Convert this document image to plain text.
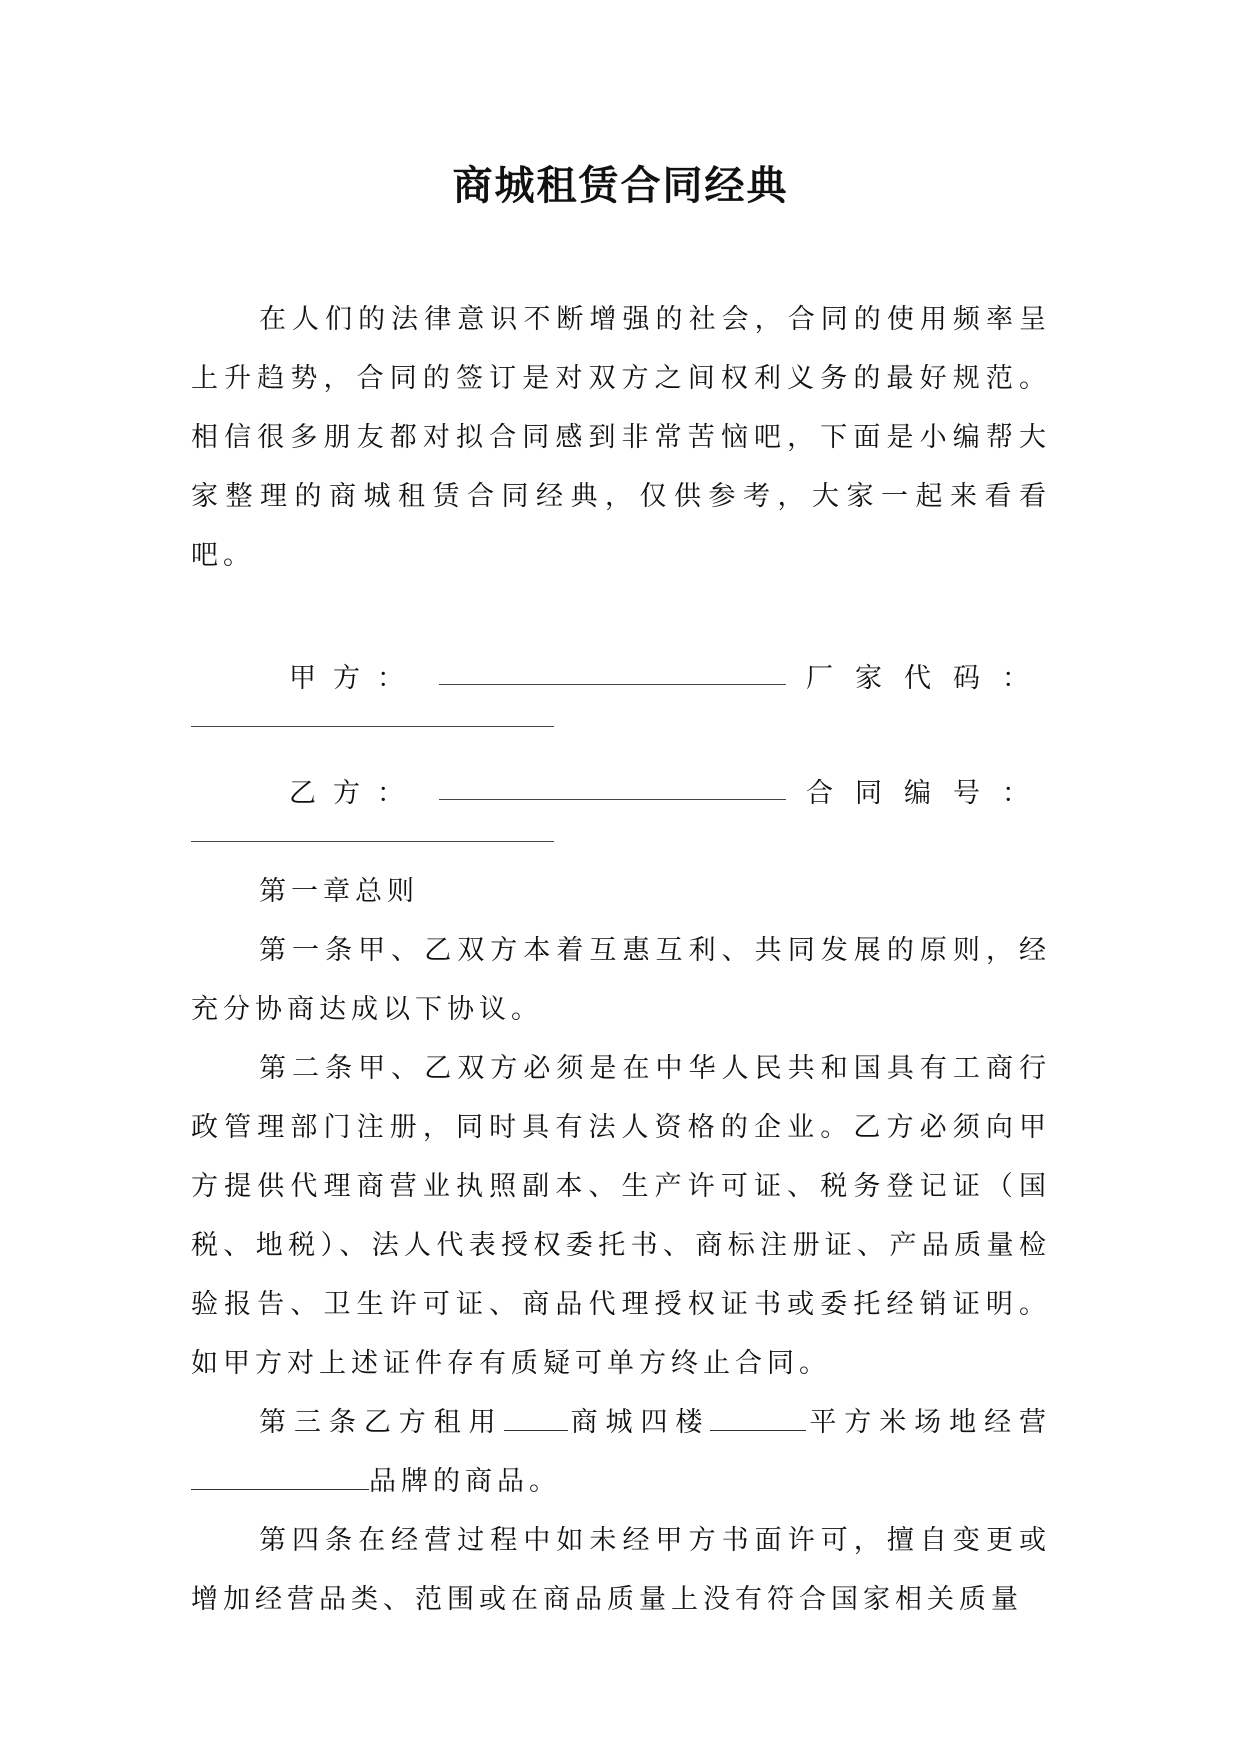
商城租赁合同经典

在人们的法律意识不断增强的社会，合同的使用频率呈上升趋势，合同的签订是对双方之间权利义务的最好规范。相信很多朋友都对拟合同感到非常苦恼吧，下面是小编帮大家整理的商城租赁合同经典，仅供参考，大家一起来看看吧。

甲方：	厂家代码：
乙方：	合同编号：

第一章总则

第一条甲、乙双方本着互惠互利、共同发展的原则，经充分协商达成以下协议。

第二条甲、乙双方必须是在中华人民共和国具有工商行政管理部门注册，同时具有法人资格的企业。乙方必须向甲方提供代理商营业执照副本、生产许可证、税务登记证（国税、地税）、法人代表授权委托书、商标注册证、产品质量检验报告、卫生许可证、商品代理授权证书或委托经销证明。如甲方对上述证件存有质疑可单方终止合同。

第三条乙方租用 商城四楼	平方米场地经营品牌的商品。

第四条在经营过程中如未经甲方书面许可，擅自变更或增加经营品类、范围或在商品质量上没有符合国家相关质量
